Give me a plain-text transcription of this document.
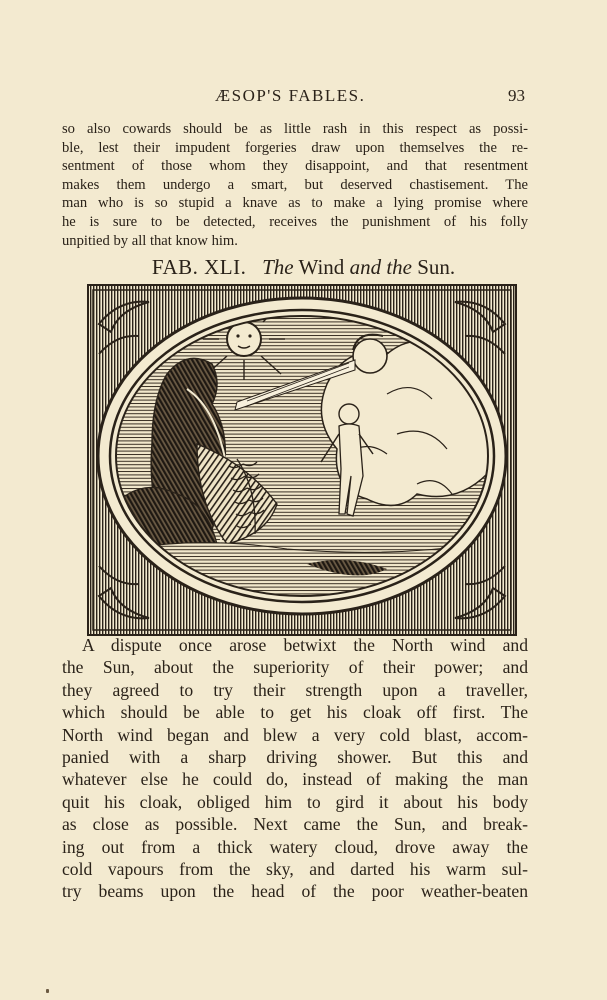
ÆSOP'S FABLES.	93
so also cowards should be as little rash in this respect as possi-
ble, lest their impudent forgeries draw upon themselves the re-
sentment of those whom they disappoint, and that resentment
makes them undergo a smart, but deserved chastisement. The
man who is so stupid a knave as to make a lying promise where
he is sure to be detected, receives the punishment of his folly
unpitied by all that know him.
FAB. XLI. The Wind and the Sun.
A dispute once arose betwixt the North wind and
the Sun, about the superiority of their power; and
they agreed to try their strength upon a traveller,
which should be able to get his cloak off first. The
North wind began and blew a very cold blast, accom-
panied with a sharp driving shower. But this and
whatever else he could do, instead of making the man
quit his cloak, obliged him to gird it about his body
as close as possible. Next came the Sun, and break-
ing out from a thick watery cloud, drove away the
cold vapours from the sky, and darted his warm sul-
try beams upon the head of the poor weather-beaten
